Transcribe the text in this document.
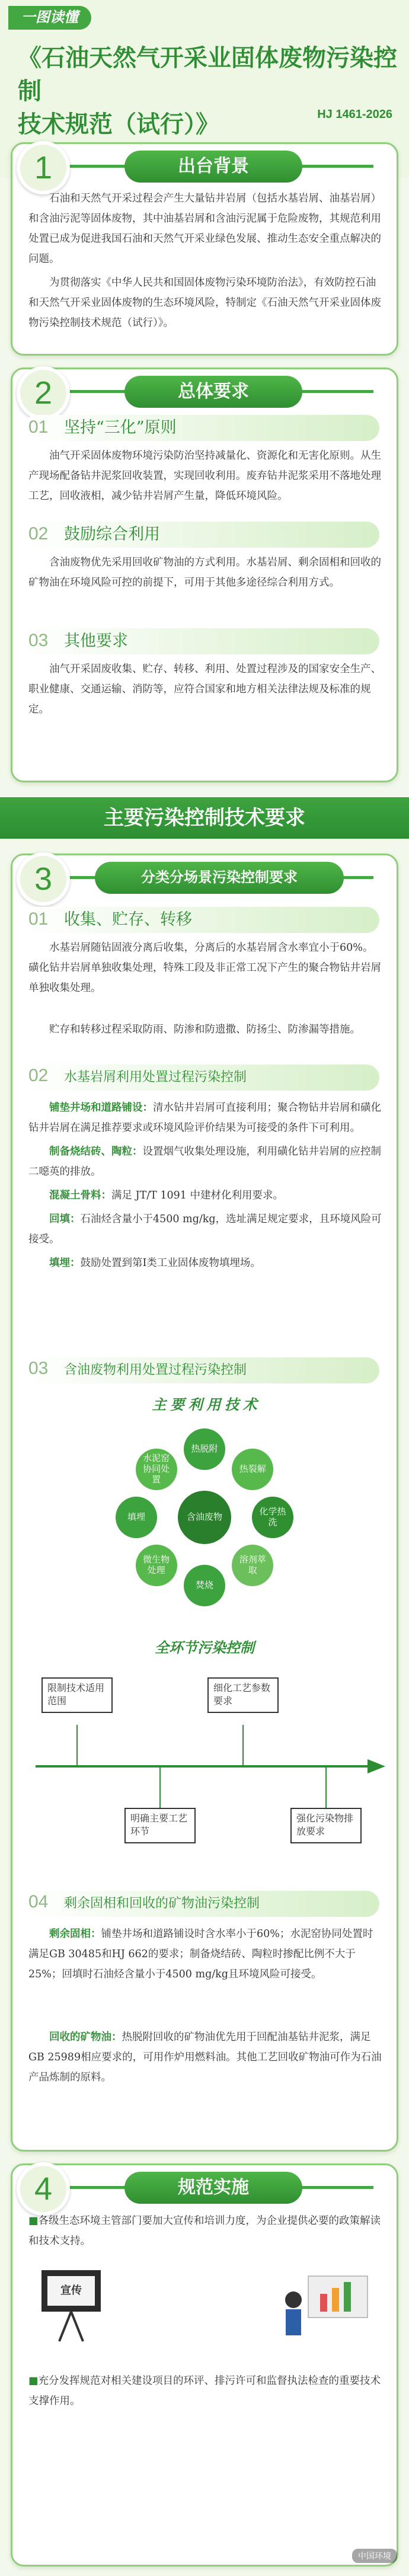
一图读懂
《石油天然气开采业固体废物污染控制
技术规范（试行）》	HJ 1461-2026
1	出台背景
石油和天然气开采过程会产生大量钻井岩屑（包括水基岩屑、油基岩屑）和含油污泥等固体废物，其中油基岩屑和含油污泥属于危险废物，其规范利用处置已成为促进我国石油和天然气开采业绿色发展、推动生态安全重点解决的问题。
为贯彻落实《中华人民共和国固体废物污染环境防治法》，有效防控石油和天然气开采业固体废物的生态环境风险，特制定《石油天然气开采业固体废物污染控制技术规范（试行）》。
2	总体要求
01 坚持“三化”原则
油气开采固体废物环境污染防治坚持减量化、资源化和无害化原则。从生产现场配备钻井泥浆回收装置，实现回收利用。废弃钻井泥浆采用不落地处理工艺，回收液相，减少钻井岩屑产生量，降低环境风险。
02 鼓励综合利用
含油废物优先采用回收矿物油的方式利用。水基岩屑、剩余固相和回收的矿物油在环境风险可控的前提下，可用于其他多途径综合利用方式。
03 其他要求
油气开采固废收集、贮存、转移、利用、处置过程涉及的国家安全生产、职业健康、交通运输、消防等，应符合国家和地方相关法律法规及标准的规定。
主要污染控制技术要求
3	分类分场景污染控制要求
01 收集、贮存、转移
水基岩屑随钻固液分离后收集，分离后的水基岩屑含水率宜小于60%。磺化钻井岩屑单独收集处理，特殊工段及非正常工况下产生的聚合物钻井岩屑单独收集处理。
贮存和转移过程采取防雨、防渗和防遗撒、防扬尘、防渗漏等措施。
02 水基岩屑利用处置过程污染控制
铺垫井场和道路铺设：清水钻井岩屑可直接利用；聚合物钻井岩屑和磺化钻井岩屑在满足推荐要求或环境风险评价结果为可接受的条件下可利用。
制备烧结砖、陶粒：设置烟气收集处理设施，利用磺化钻井岩屑的应控制二噁英的排放。
混凝土骨料：满足 JT/T 1091 中建材化利用要求。
回填：石油烃含量小于4500 mg/kg，选址满足规定要求，且环境风险可接受。
填埋：鼓励处置到第Ⅰ类工业固体废物填埋场。
03 含油废物利用处置过程污染控制
主 要 利 用 技 术
含油废物
热脱附
热裂解
化学热洗
溶剂萃取
焚烧
微生物处理
填埋
水泥窑协同处置
全环节污染控制
限制技术适用范围
明确主要工艺环节
细化工艺参数要求
强化污染物排放要求
04 剩余固相和回收的矿物油污染控制
剩余固相：铺垫井场和道路铺设时含水率小于60%；水泥窑协同处置时满足GB 30485和HJ 662的要求；制备烧结砖、陶粒时掺配比例不大于25%；回填时石油烃含量小于4500 mg/kg且环境风险可接受。
回收的矿物油：热脱附回收的矿物油优先用于回配油基钻井泥浆，满足GB 25989相应要求的，可用作炉用燃料油。其他工艺回收矿物油可作为石油产品炼制的原料。
4	规范实施
■各级生态环境主管部门要加大宣传和培训力度，为企业提供必要的政策解读和技术支持。
宣传
■充分发挥规范对相关建设项目的环评、排污许可和监督执法检查的重要技术支撑作用。
中国环境
